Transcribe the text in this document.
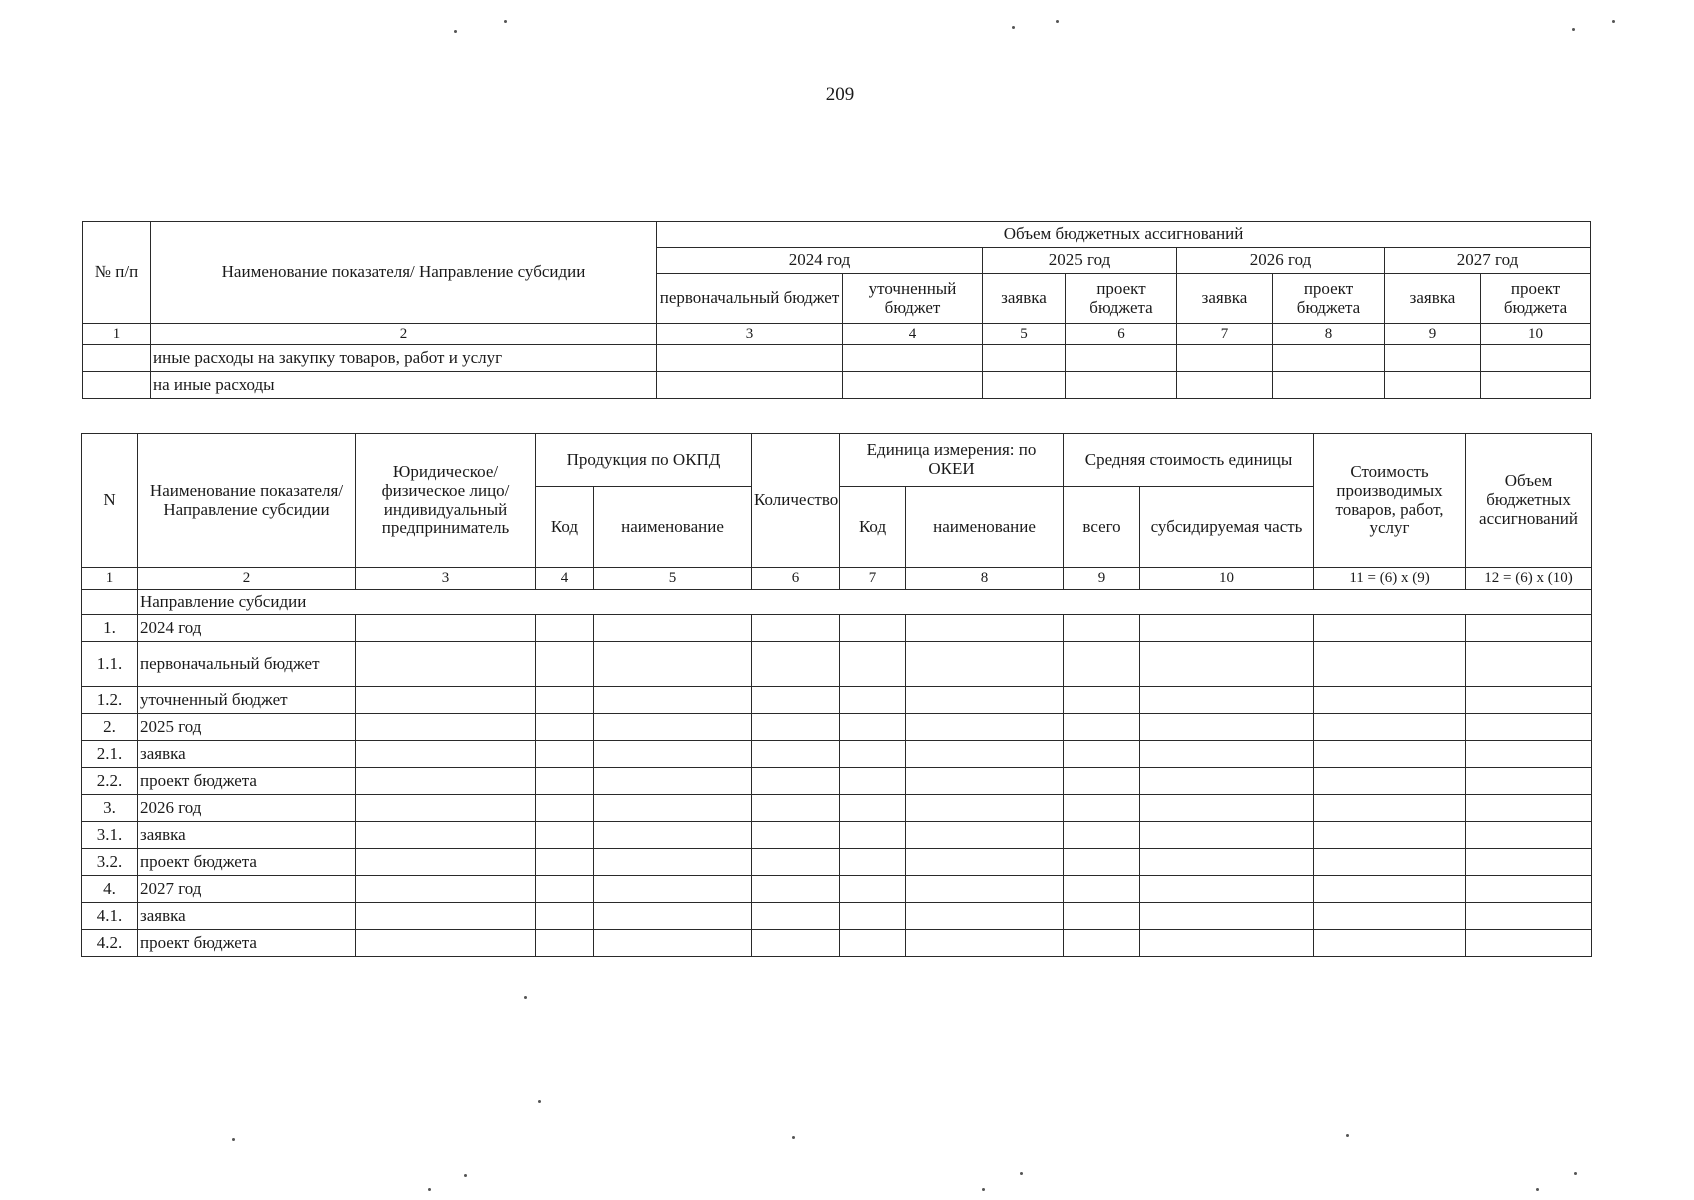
209
№ п/п	Наименование показателя/ Направление субсидии	Объем бюджетных ассигнований							
		2024 год		2025 год		2026 год		2027 год	
		первоначальный бюджет	уточненный бюджет	заявка	проект бюджета	заявка	проект бюджета	заявка	проект бюджета
1	2	3	4	5	6	7	8	9	10
	иные расходы на закупку товаров, работ и услуг								
	на иные расходы								
N	Наименование показателя/ Направление субсидии	Юридическое/физическое лицо/ индивидуальный предприниматель	Продукция по ОКПД		Количество	Единица измерения: по ОКЕИ		Средняя стоимость единицы		Стоимость производимых товаров, работ, услуг	Объем бюджетных ассигнований
			Код	наименование		Код	наименование	всего	субсидируемая часть		
1	2	3	4	5	6	7	8	9	10	11 = (6) x (9)	12 = (6) x (10)
	Направление субсидии										
1.	2024 год										
1.1.	первоначальный бюджет										
1.2.	уточненный бюджет										
2.	2025 год										
2.1.	заявка										
2.2.	проект бюджета										
3.	2026 год										
3.1.	заявка										
3.2.	проект бюджета										
4.	2027 год										
4.1.	заявка										
4.2.	проект бюджета										
